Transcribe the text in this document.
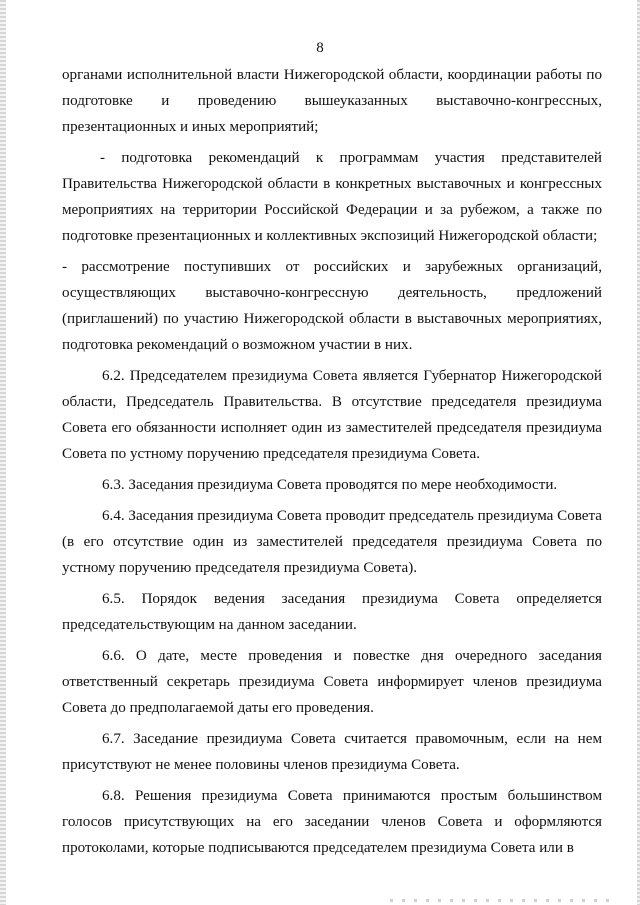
8

органами исполнительной власти Нижегородской области, координации работы по подготовке и проведению вышеуказанных выставочно-конгрессных, презентационных и иных мероприятий;

- подготовка рекомендаций к программам участия представителей Правительства Нижегородской области в конкретных выставочных и конгрессных мероприятиях на территории Российской Федерации и за рубежом, а также по подготовке презентационных и коллективных экспозиций Нижегородской области;

- рассмотрение поступивших от российских и зарубежных организаций, осуществляющих выставочно-конгрессную деятельность, предложений (приглашений) по участию Нижегородской области в выставочных мероприятиях, подготовка рекомендаций о возможном участии в них.

6.2. Председателем президиума Совета является Губернатор Нижегородской области, Председатель Правительства. В отсутствие председателя президиума Совета его обязанности исполняет один из заместителей председателя президиума Совета по устному поручению председателя президиума Совета.

6.3. Заседания президиума Совета проводятся по мере необходимости.

6.4. Заседания президиума Совета проводит председатель президиума Совета (в его отсутствие один из заместителей председателя президиума Совета по устному поручению председателя президиума Совета).

6.5. Порядок ведения заседания президиума Совета определяется председательствующим на данном заседании.

6.6. О дате, месте проведения и повестке дня очередного заседания ответственный секретарь президиума Совета информирует членов президиума Совета до предполагаемой даты его проведения.

6.7. Заседание президиума Совета считается правомочным, если на нем присутствуют не менее половины членов президиума Совета.

6.8. Решения президиума Совета принимаются простым большинством голосов присутствующих на его заседании членов Совета и оформляются протоколами, которые подписываются председателем президиума Совета или в
